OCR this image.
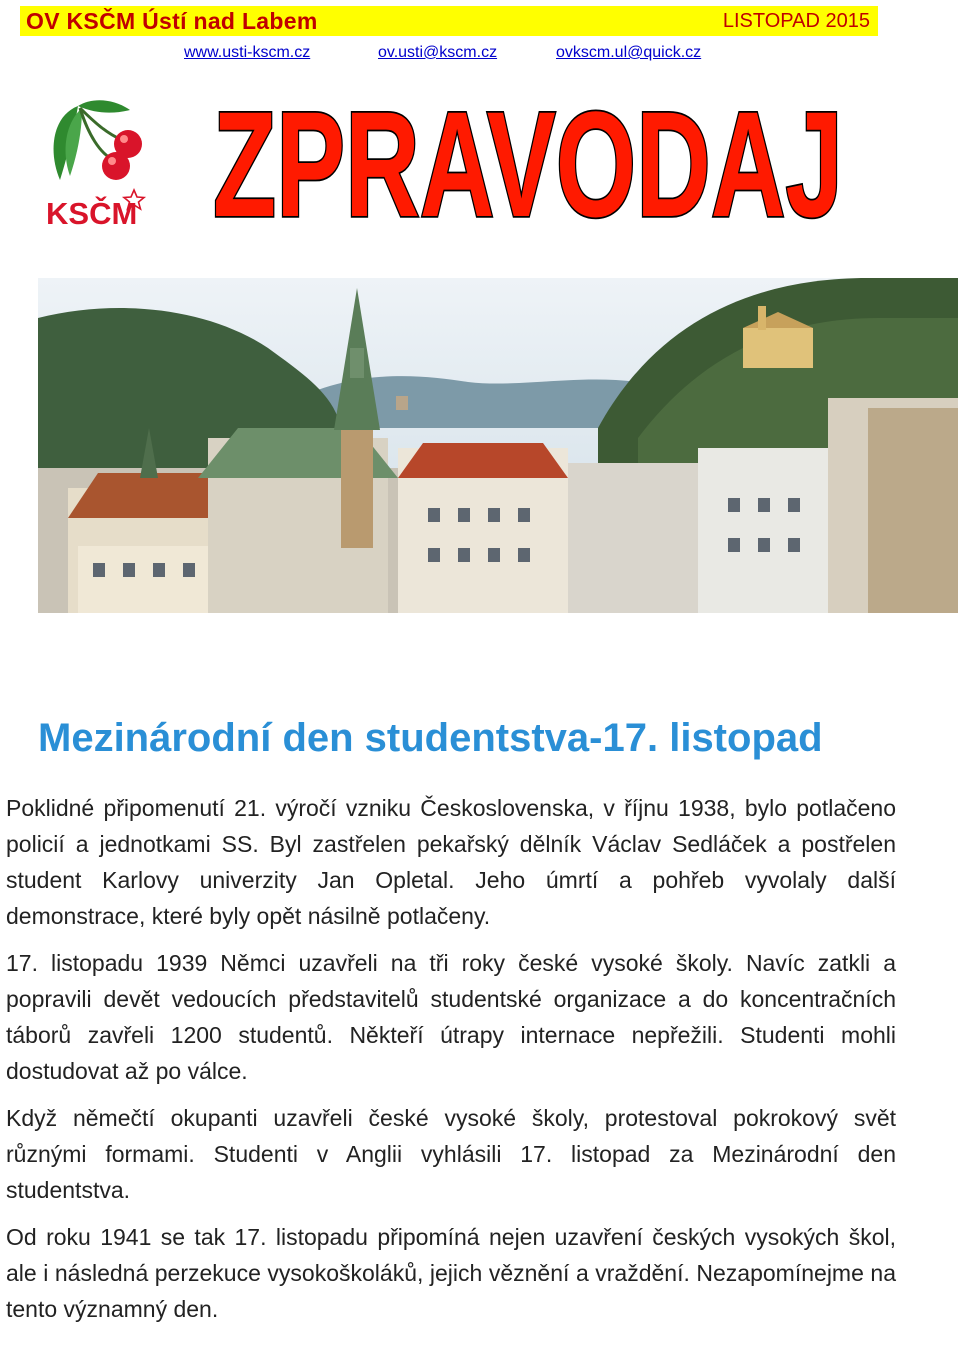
OV KSČM Ústí nad Labem	LISTOPAD 2015
www.usti-kscm.cz	ov.usti@kscm.cz	ovkscm.ul@quick.cz
KSČM ZPRAVODAJ
Mezinárodní den studentstva-17. listopad

Poklidné připomenutí 21. výročí vzniku Československa, v říjnu 1938, bylo potlačeno policií a jednotkami SS. Byl zastřelen pekařský dělník Václav Sedláček a postřelen student Karlovy univerzity Jan Opletal. Jeho úmrtí a pohřeb vyvolaly další demonstrace, které byly opět násilně potlačeny.

17. listopadu 1939 Němci uzavřeli na tři roky české vysoké školy. Navíc zatkli a popravili devět vedoucích představitelů studentské organizace a do koncentračních táborů zavřeli 1200 studentů. Někteří útrapy internace nepřežili. Studenti mohli dostudovat až po válce.

Když němečtí okupanti uzavřeli české vysoké školy, protestoval pokrokový svět různými formami. Studenti v Anglii vyhlásili 17. listopad za Mezinárodní den studentstva.

Od roku 1941 se tak 17. listopadu připomíná nejen uzavření českých vysokých škol, ale i následná perzekuce vysokoškoláků, jejich věznění a vraždění. Nezapomínejme na tento významný den.
